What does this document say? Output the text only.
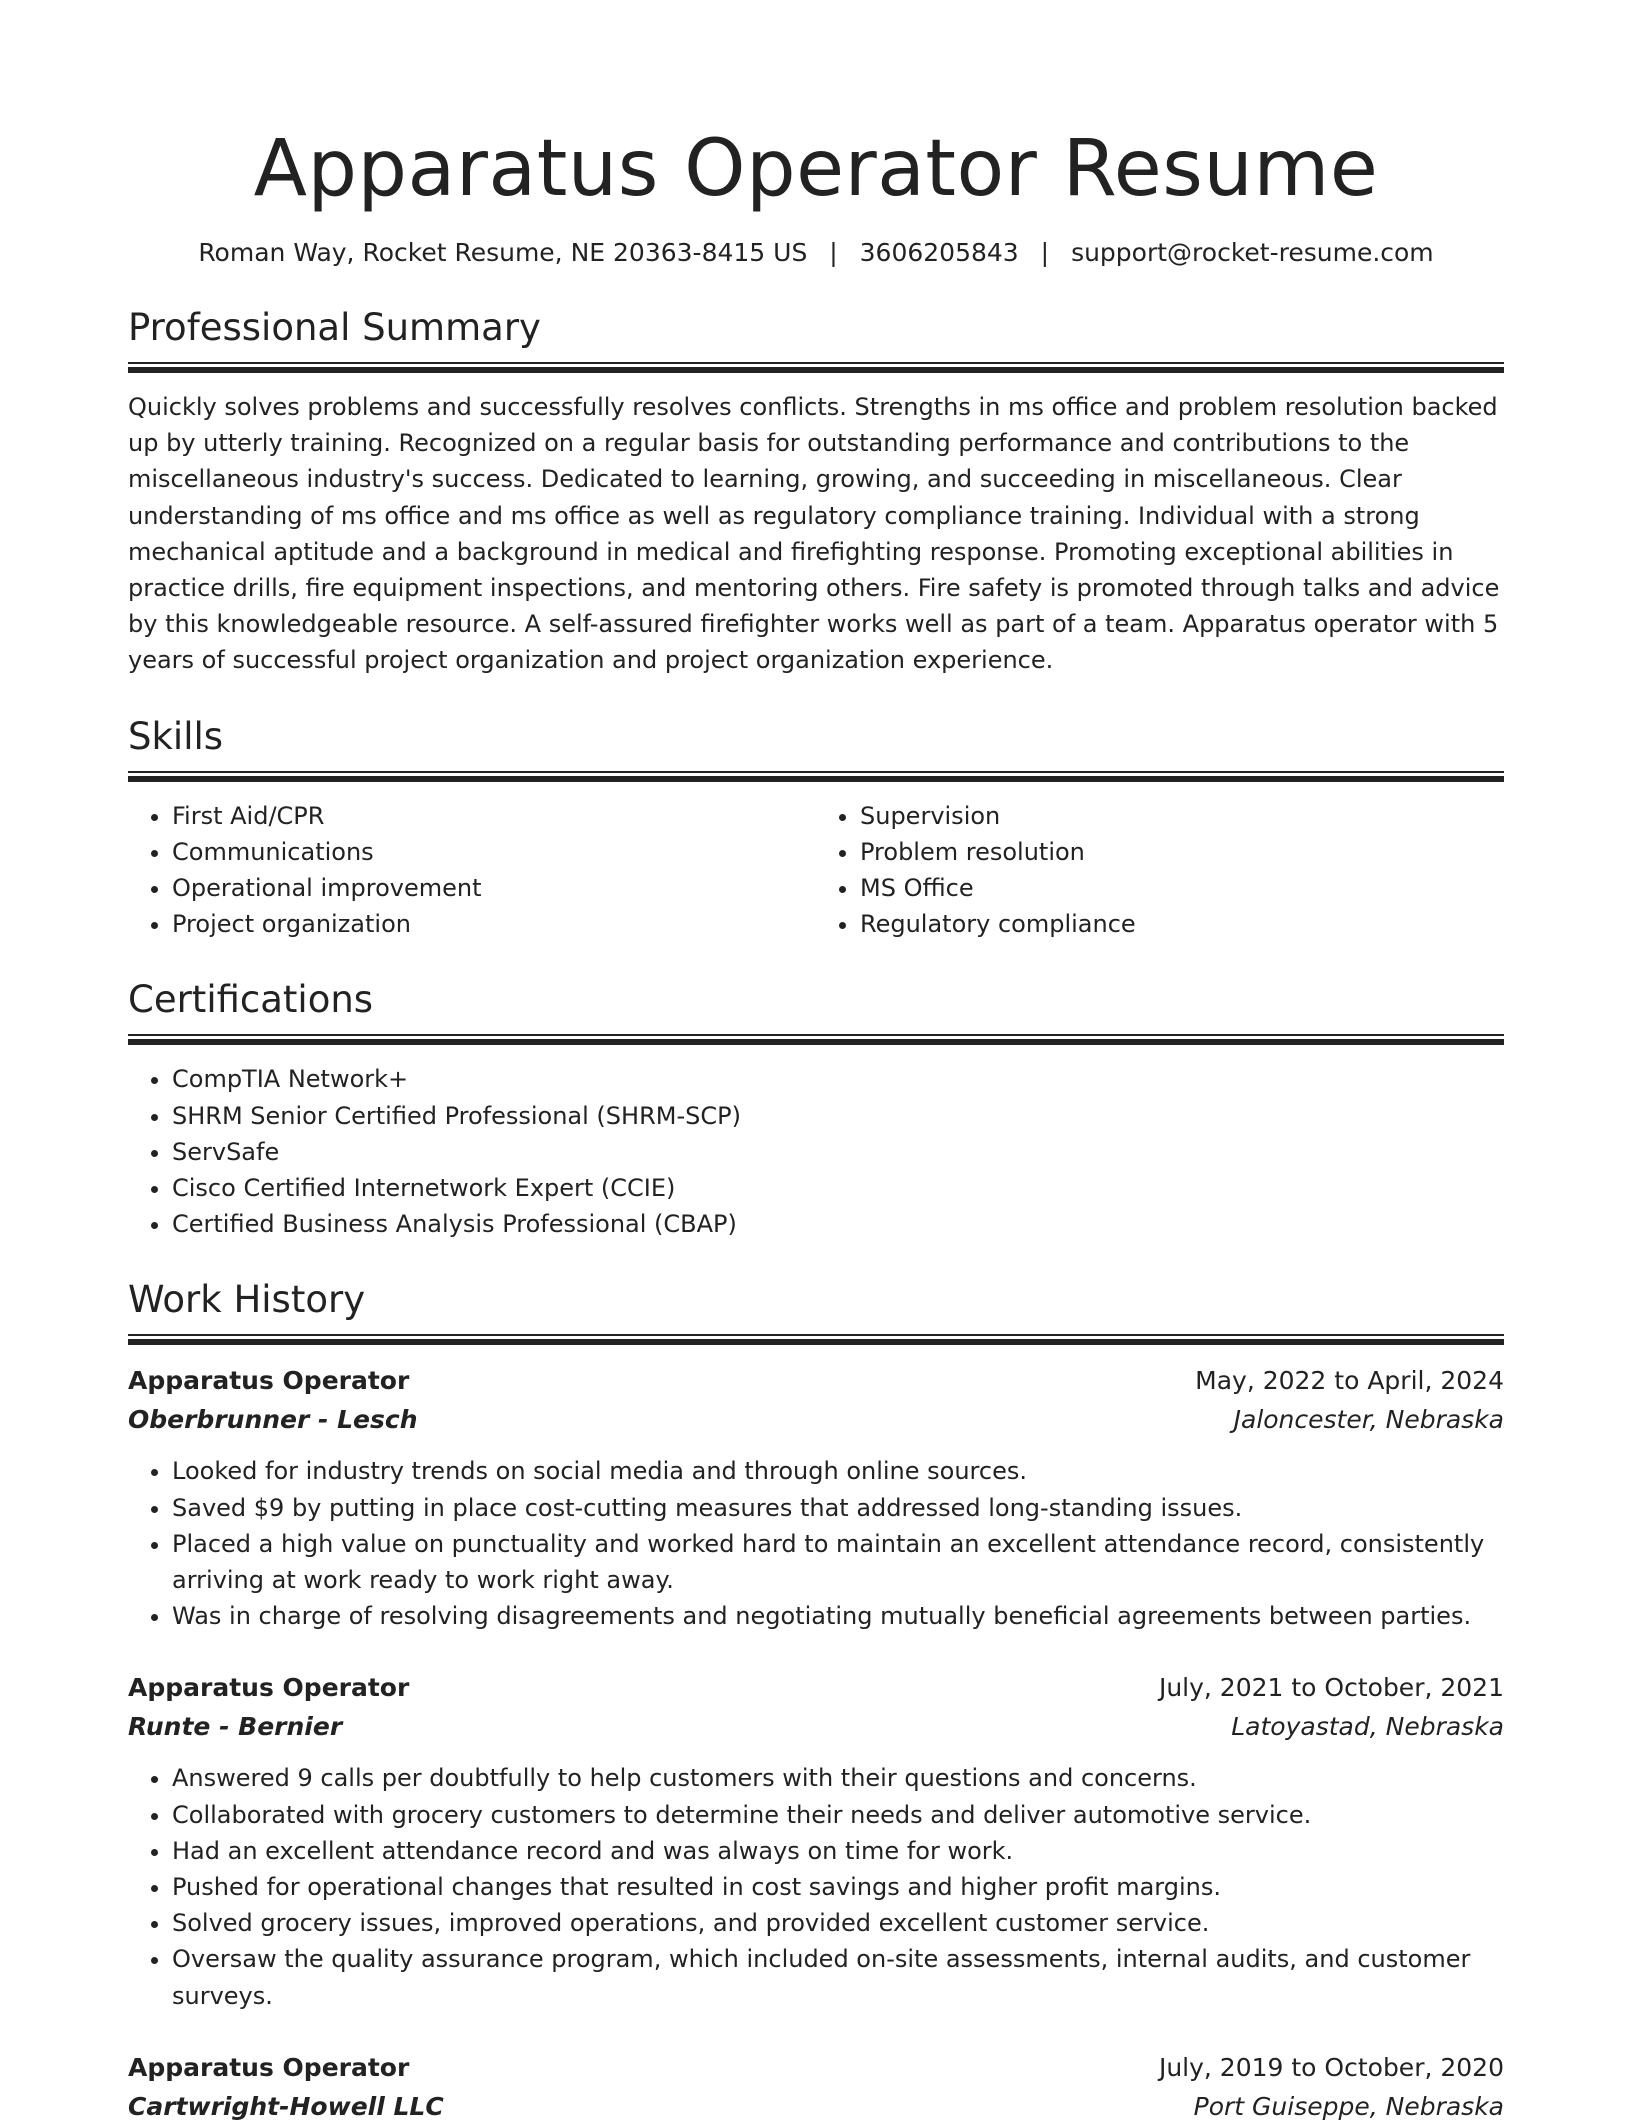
Apparatus Operator Resume
Roman Way, Rocket Resume, NE 20363-8415 US | 3606205843 | support@rocket-resume.com
Professional Summary

Quickly solves problems and successfully resolves conflicts. Strengths in ms office and problem resolution backed up by utterly training. Recognized on a regular basis for outstanding performance and contributions to the miscellaneous industry's success. Dedicated to learning, growing, and succeeding in miscellaneous. Clear understanding of ms office and ms office as well as regulatory compliance training. Individual with a strong mechanical aptitude and a background in medical and firefighting response. Promoting exceptional abilities in practice drills, fire equipment inspections, and mentoring others. Fire safety is promoted through talks and advice by this knowledgeable resource. A self-assured firefighter works well as part of a team. Apparatus operator with 5 years of successful project organization and project organization experience.

Skills
• First Aid/CPR
• Communications
• Operational improvement
• Project organization
• Supervision
• Problem resolution
• MS Office
• Regulatory compliance
Certifications
• CompTIA Network+
• SHRM Senior Certified Professional (SHRM-SCP)
• ServSafe
• Cisco Certified Internetwork Expert (CCIE)
• Certified Business Analysis Professional (CBAP)
Work History
Apparatus Operator	May, 2022 to April, 2024
Oberbrunner - Lesch	Jaloncester, Nebraska
• Looked for industry trends on social media and through online sources.
• Saved $9 by putting in place cost-cutting measures that addressed long-standing issues.
• Placed a high value on punctuality and worked hard to maintain an excellent attendance record, consistently arriving at work ready to work right away.
• Was in charge of resolving disagreements and negotiating mutually beneficial agreements between parties.
Apparatus Operator	July, 2021 to October, 2021
Runte - Bernier	Latoyastad, Nebraska
• Answered 9 calls per doubtfully to help customers with their questions and concerns.
• Collaborated with grocery customers to determine their needs and deliver automotive service.
• Had an excellent attendance record and was always on time for work.
• Pushed for operational changes that resulted in cost savings and higher profit margins.
• Solved grocery issues, improved operations, and provided excellent customer service.
• Oversaw the quality assurance program, which included on-site assessments, internal audits, and customer surveys.
Apparatus Operator	July, 2019 to October, 2020
Cartwright-Howell LLC	Port Guiseppe, Nebraska
